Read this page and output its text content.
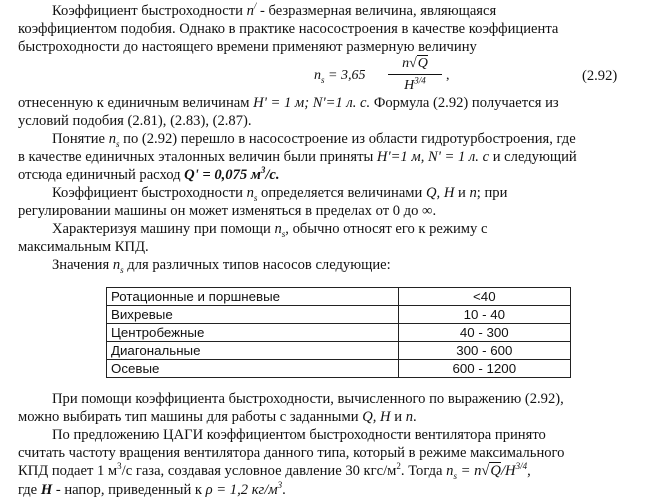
Коэффициент быстроходности n/ - безразмерная величина, являющаяся
коэффициентом подобия. Однако в практике насосостроения в качестве коэффициента
быстроходности до настоящего времени применяют размерную величину
$n_s = 3,65$
n√Q
$H^{3/4}$	,	(2.92)
отнесенную к единичным величинам H' = 1 м; N'=1 л. с. Формула (2.92) получается из
условий подобия (2.81), (2.83), (2.87).
Понятие $n_s$ по (2.92) перешло в насосостроение из области гидротурбостроения, где
в качестве единичных эталонных величин были приняты H'=1 м, N' = 1 л. с и следующий
отсюда единичный расход Q' = 0,075 $м^3/с$.
Коэффициент быстроходности $n_s$ определяется величинами Q, H и n; при
регулировании машины он может изменяться в пределах от 0 до ∞.
Характеризуя машину при помощи $n_s$, обычно относят его к режиму с
максимальным КПД.
Значения $n_s$ для различных типов насосов следующие:
Ротационные и поршневые	<40
Вихревые	10 - 40
Центробежные	40 - 300
Диагональные	300 - 600
Осевые	600 - 1200
При помощи коэффициента быстроходности, вычисленного по выражению (2.92),
можно выбирать тип машины для работы с заданными Q, H и n.
По предложению ЦАГИ коэффициентом быстроходности вентилятора принято
считать частоту вращения вентилятора данного типа, который в режиме максимального
КПД подает 1 $м^3/с$ газа, создавая условное давление 30 кгс/$м^2$. Тогда $n_s = n√Q/H^{3/4}$,
где Н - напор, приведенный к ρ = 1,2 $кг/м^3$.
